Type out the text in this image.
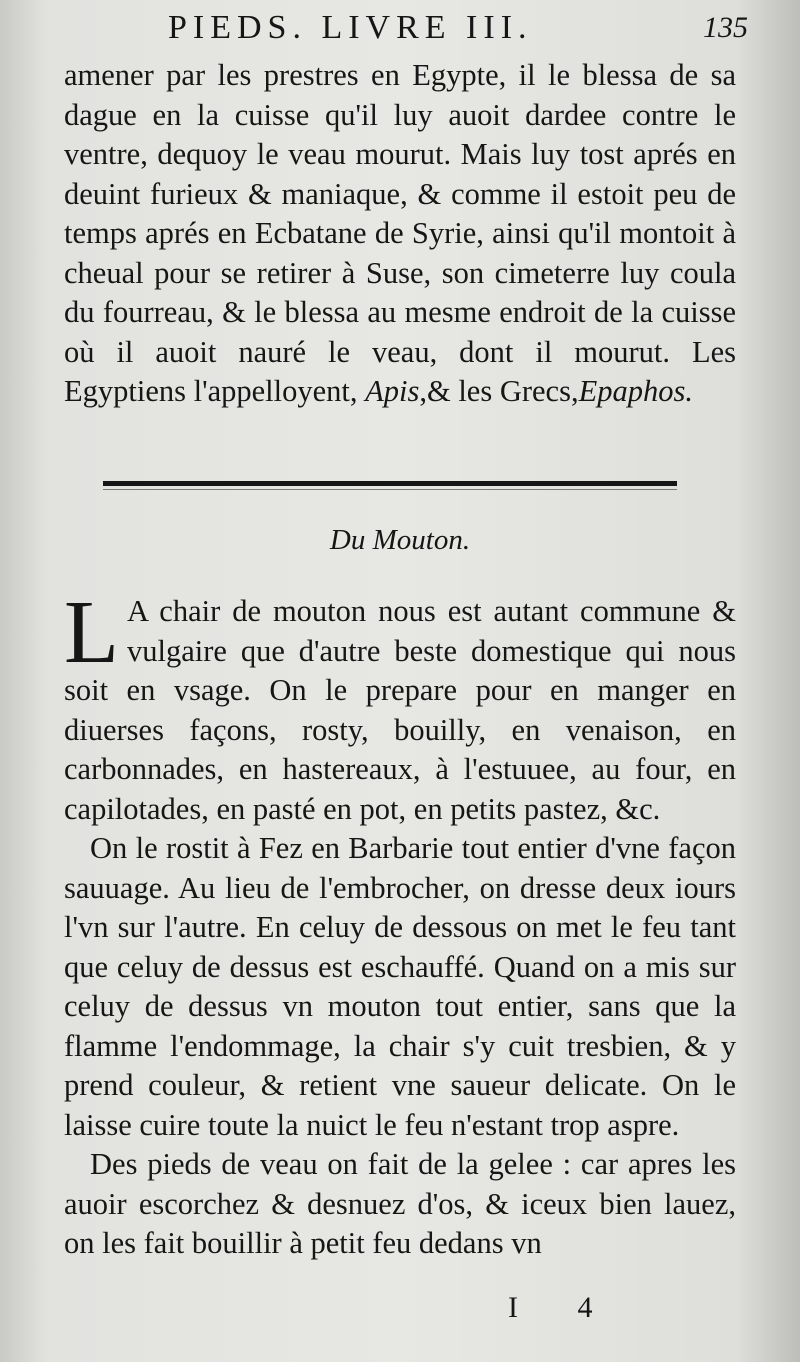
PIEDS. LIVRE III.	135

amener par les prestres en Egypte, il le blessa de sa dague en la cuisse qu'il luy auoit dardee contre le ventre, dequoy le veau mourut. Mais luy tost aprés en deuint furieux & maniaque, & comme il estoit peu de temps aprés en Ecbatane de Syrie, ainsi qu'il montoit à cheual pour se retirer à Suse, son cimeterre luy coula du fourreau, & le blessa au mesme endroit de la cuisse où il auoit nauré le veau, dont il mourut. Les Egyptiens l'appelloyent, Apis,& les Grecs,Epaphos.

Du Mouton.

L A chair de mouton nous est autant commune & vulgaire que d'autre beste domestique qui nous soit en vsage. On le prepare pour en manger en diuerses façons, rosty, bouilly, en venaison, en carbonnades, en hastereaux, à l'estuuee, au four, en capilotades, en pasté en pot, en petits pastez, &c.

On le rostit à Fez en Barbarie tout entier d'vne façon sauuage. Au lieu de l'embrocher, on dresse deux iours l'vn sur l'autre. En celuy de dessous on met le feu tant que celuy de dessus est eschauffé. Quand on a mis sur celuy de dessus vn mouton tout entier, sans que la flamme l'endommage, la chair s'y cuit tresbien, & y prend couleur, & retient vne saueur delicate. On le laisse cuire toute la nuict le feu n'estant trop aspre.

Des pieds de veau on fait de la gelee : car apres les auoir escorchez & desnuez d'os, & iceux bien lauez, on les fait bouillir à petit feu dedans vn

I 4
